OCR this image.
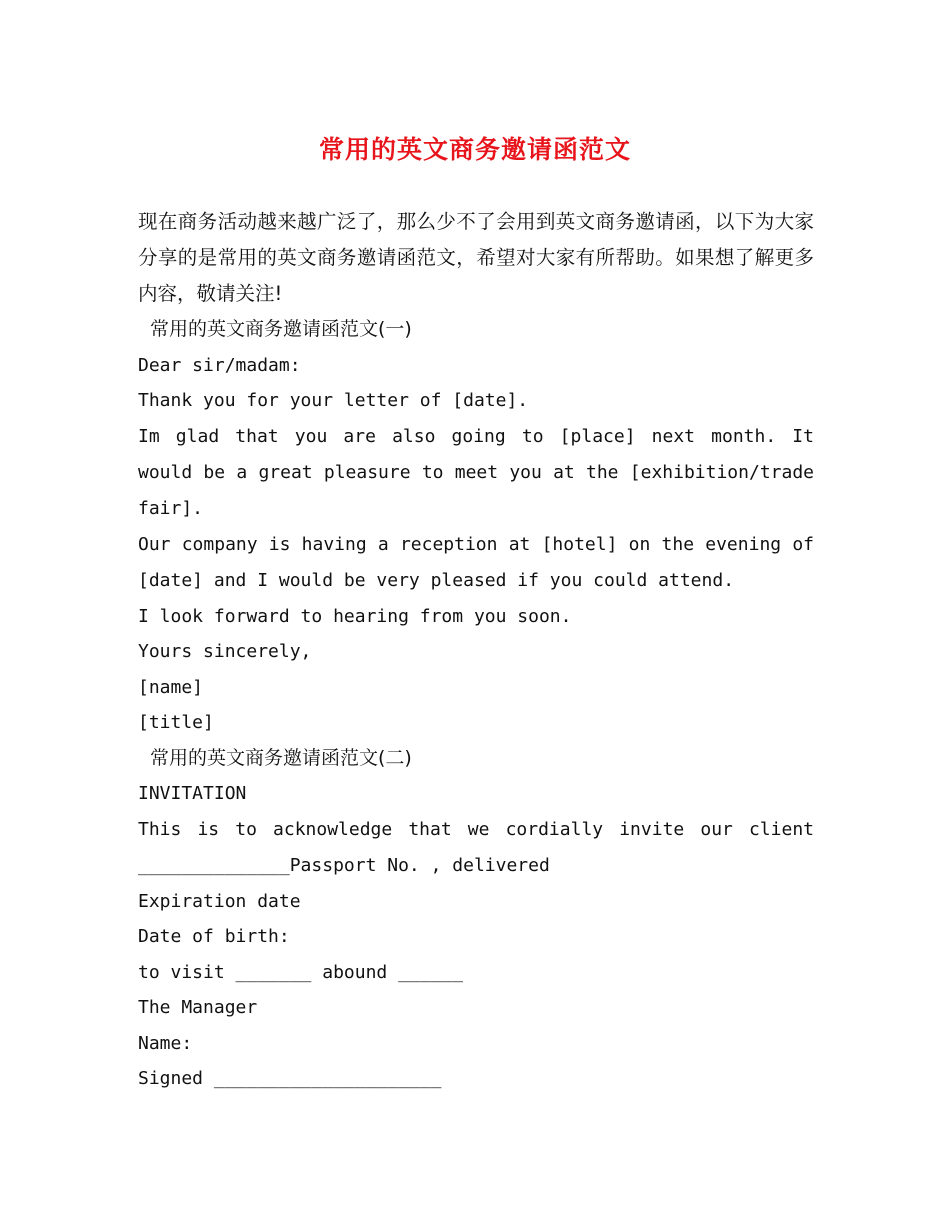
常用的英文商务邀请函范文
现在商务活动越来越广泛了，那么少不了会用到英文商务邀请函，以下为大家分享的是常用的英文商务邀请函范文，希望对大家有所帮助。如果想了解更多内容，敬请关注!
常用的英文商务邀请函范文(一)
Dear sir/madam:
Thank you for your letter of [date].
Im glad that you are also going to [place] next month. It would be a great pleasure to meet you at the [exhibition/trade fair].
Our company is having a reception at [hotel] on the evening of [date] and I would be very pleased if you could attend.
I look forward to hearing from you soon.
Yours sincerely,
[name]
[title]
常用的英文商务邀请函范文(二)
INVITATION
This is to acknowledge that we cordially invite our client ______________Passport No. , delivered
Expiration date
Date of birth:
to visit _______ abound ______
The Manager
Name:
Signed _____________________
